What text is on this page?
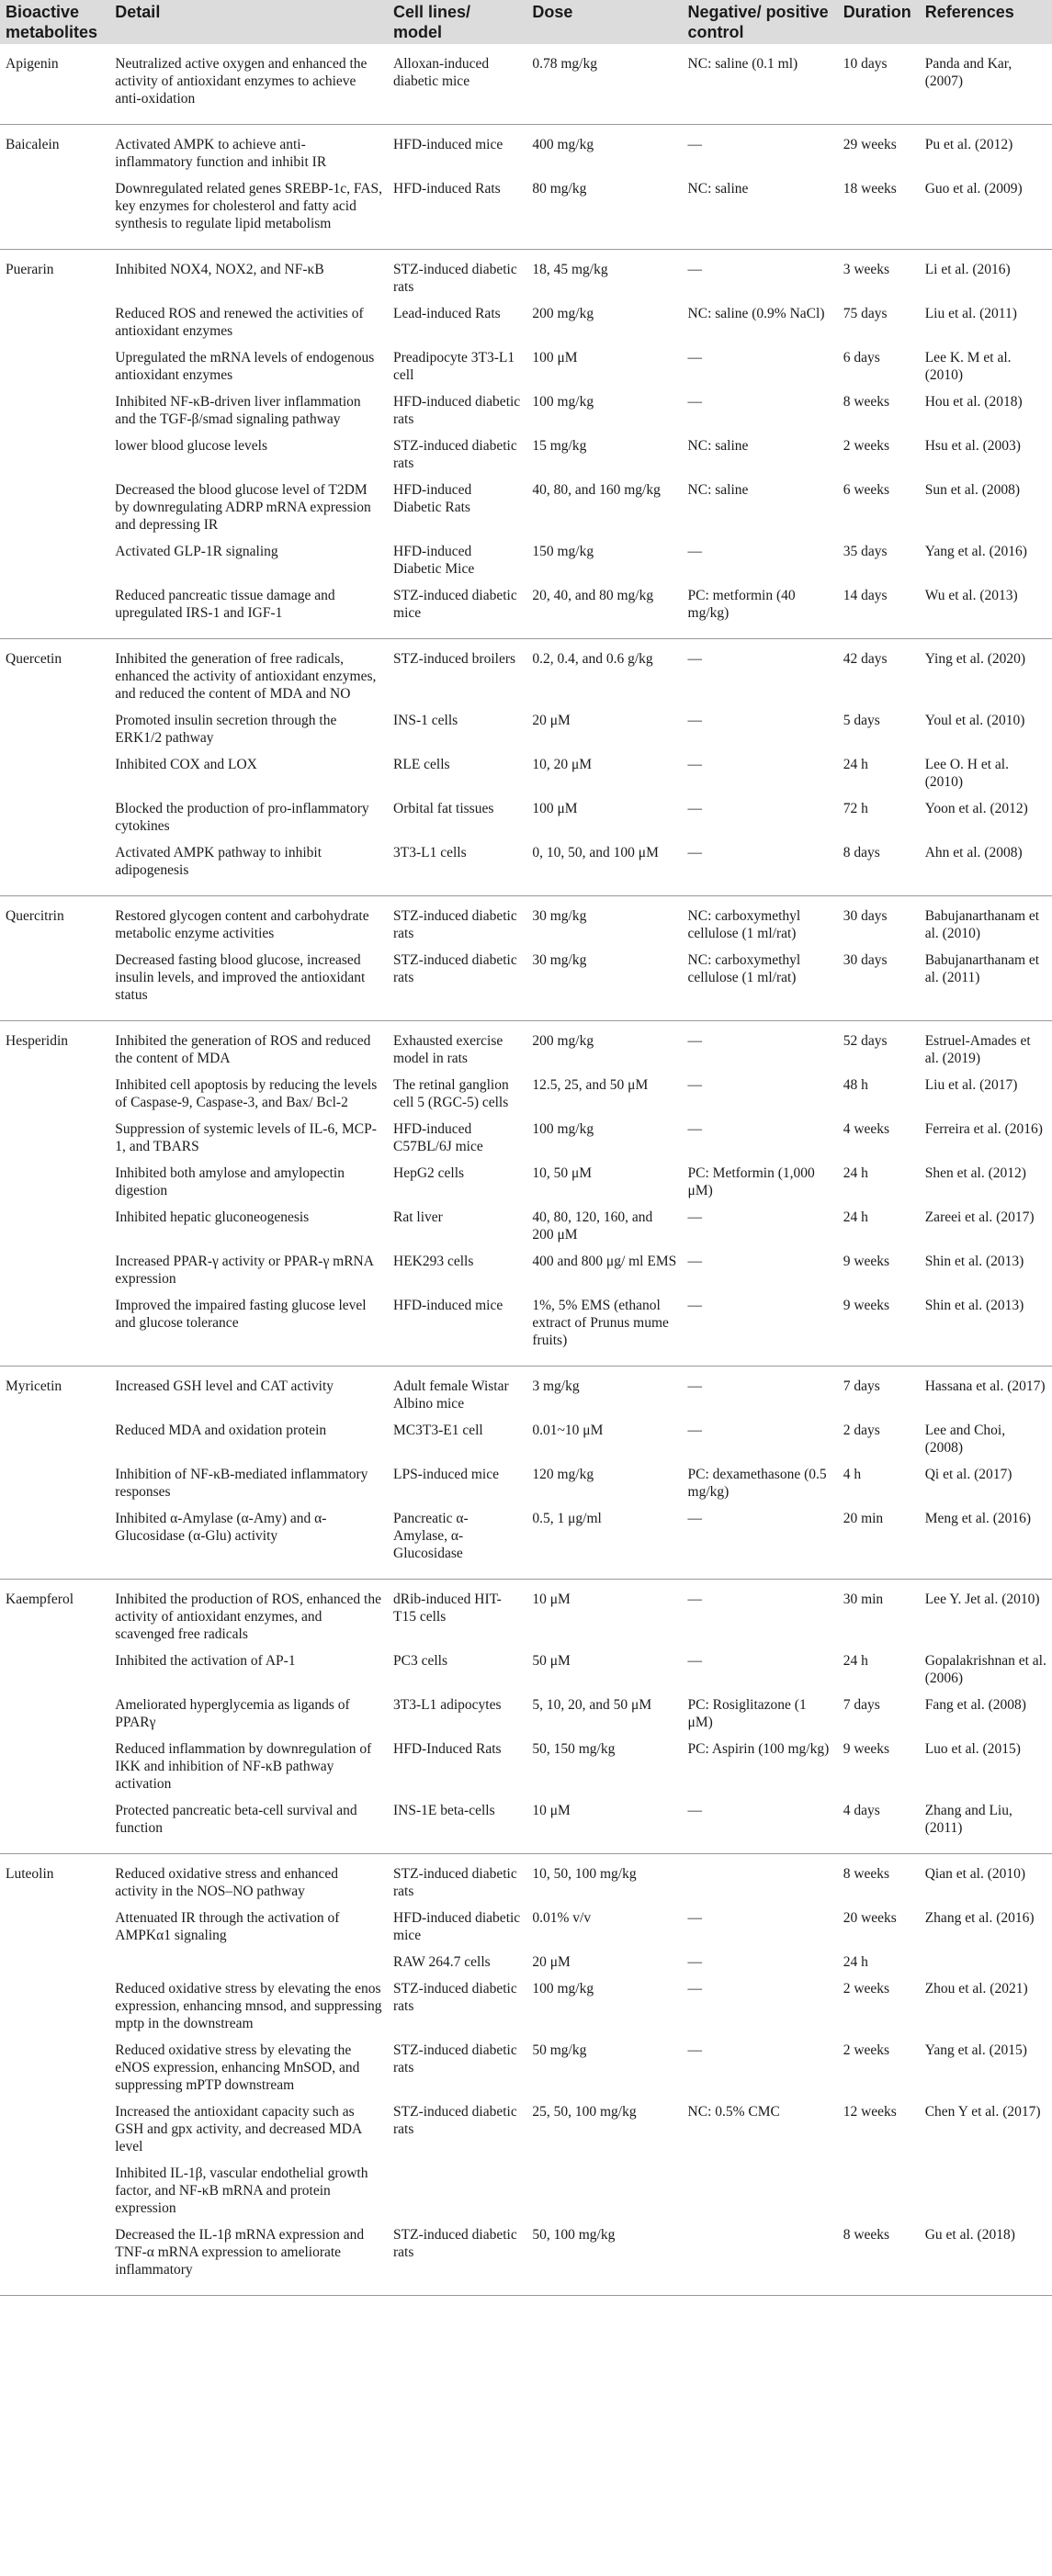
Bioactive metabolites	Detail	Cell lines/ model	Dose	Negative/ positive control	Duration	References
Apigenin	Neutralized active oxygen and enhanced the activity of antioxidant enzymes to achieve anti-oxidation	Alloxan-induced diabetic mice	0.78 mg/kg	NC: saline (0.1 ml)	10 days	Panda and Kar, (2007)
Baicalein	Activated AMPK to achieve anti-inflammatory function and inhibit IR	HFD-induced mice	400 mg/kg	—	29 weeks	Pu et al. (2012)
	Downregulated related genes SREBP-1c, FAS, key enzymes for cholesterol and fatty acid synthesis to regulate lipid metabolism	HFD-induced Rats	80 mg/kg	NC: saline	18 weeks	Guo et al. (2009)
Puerarin	Inhibited NOX4, NOX2, and NF-κB	STZ-induced diabetic rats	18, 45 mg/kg	—	3 weeks	Li et al. (2016)
	Reduced ROS and renewed the activities of antioxidant enzymes	Lead-induced Rats	200 mg/kg	NC: saline (0.9% NaCl)	75 days	Liu et al. (2011)
	Upregulated the mRNA levels of endogenous antioxidant enzymes	Preadipocyte 3T3-L1 cell	100 μM	—	6 days	Lee K. M et al. (2010)
	Inhibited NF-κB-driven liver inflammation and the TGF-β/smad signaling pathway	HFD-induced diabetic rats	100 mg/kg	—	8 weeks	Hou et al. (2018)
	lower blood glucose levels	STZ-induced diabetic rats	15 mg/kg	NC: saline	2 weeks	Hsu et al. (2003)
	Decreased the blood glucose level of T2DM by downregulating ADRP mRNA expression and depressing IR	HFD-induced Diabetic Rats	40, 80, and 160 mg/kg	NC: saline	6 weeks	Sun et al. (2008)
	Activated GLP-1R signaling	HFD-induced Diabetic Mice	150 mg/kg	—	35 days	Yang et al. (2016)
	Reduced pancreatic tissue damage and upregulated IRS-1 and IGF-1	STZ-induced diabetic mice	20, 40, and 80 mg/kg	PC: metformin (40 mg/kg)	14 days	Wu et al. (2013)
Quercetin	Inhibited the generation of free radicals, enhanced the activity of antioxidant enzymes, and reduced the content of MDA and NO	STZ-induced broilers	0.2, 0.4, and 0.6 g/kg	—	42 days	Ying et al. (2020)
	Promoted insulin secretion through the ERK1/2 pathway	INS-1 cells	20 μM	—	5 days	Youl et al. (2010)
	Inhibited COX and LOX	RLE cells	10, 20 μM	—	24 h	Lee O. H et al. (2010)
	Blocked the production of pro-inflammatory cytokines	Orbital fat tissues	100 μM	—	72 h	Yoon et al. (2012)
	Activated AMPK pathway to inhibit adipogenesis	3T3-L1 cells	0, 10, 50, and 100 μM	—	8 days	Ahn et al. (2008)
Quercitrin	Restored glycogen content and carbohydrate metabolic enzyme activities	STZ-induced diabetic rats	30 mg/kg	NC: carboxymethyl cellulose (1 ml/rat)	30 days	Babujanarthanam et al. (2010)
	Decreased fasting blood glucose, increased insulin levels, and improved the antioxidant status	STZ-induced diabetic rats	30 mg/kg	NC: carboxymethyl cellulose (1 ml/rat)	30 days	Babujanarthanam et al. (2011)
Hesperidin	Inhibited the generation of ROS and reduced the content of MDA	Exhausted exercise model in rats	200 mg/kg	—	52 days	Estruel-Amades et al. (2019)
	Inhibited cell apoptosis by reducing the levels of Caspase-9, Caspase-3, and Bax/ Bcl-2	The retinal ganglion cell 5 (RGC-5) cells	12.5, 25, and 50 μM	—	48 h	Liu et al. (2017)
	Suppression of systemic levels of IL-6, MCP-1, and TBARS	HFD-induced C57BL/6J mice	100 mg/kg	—	4 weeks	Ferreira et al. (2016)
	Inhibited both amylose and amylopectin digestion	HepG2 cells	10, 50 μM	PC: Metformin (1,000 μM)	24 h	Shen et al. (2012)
	Inhibited hepatic gluconeogenesis	Rat liver	40, 80, 120, 160, and 200 μM	—	24 h	Zareei et al. (2017)
	Increased PPAR-γ activity or PPAR-γ mRNA expression	HEK293 cells	400 and 800 μg/ ml EMS	—	9 weeks	Shin et al. (2013)
	Improved the impaired fasting glucose level and glucose tolerance	HFD-induced mice	1%, 5% EMS (ethanol extract of Prunus mume fruits)	—	9 weeks	Shin et al. (2013)
Myricetin	Increased GSH level and CAT activity	Adult female Wistar Albino mice	3 mg/kg	—	7 days	Hassana et al. (2017)
	Reduced MDA and oxidation protein	MC3T3-E1 cell	0.01~10 μM	—	2 days	Lee and Choi, (2008)
	Inhibition of NF-κB-mediated inflammatory responses	LPS-induced mice	120 mg/kg	PC: dexamethasone (0.5 mg/kg)	4 h	Qi et al. (2017)
	Inhibited α-Amylase (α-Amy) and α-Glucosidase (α-Glu) activity	Pancreatic α-Amylase, α-Glucosidase	0.5, 1 μg/ml	—	20 min	Meng et al. (2016)
Kaempferol	Inhibited the production of ROS, enhanced the activity of antioxidant enzymes, and scavenged free radicals	dRib-induced HIT-T15 cells	10 μM	—	30 min	Lee Y. Jet al. (2010)
	Inhibited the activation of AP-1	PC3 cells	50 μM	—	24 h	Gopalakrishnan et al. (2006)
	Ameliorated hyperglycemia as ligands of PPARγ	3T3-L1 adipocytes	5, 10, 20, and 50 μM	PC: Rosiglitazone (1 μM)	7 days	Fang et al. (2008)
	Reduced inflammation by downregulation of IKK and inhibition of NF-κB pathway activation	HFD-Induced Rats	50, 150 mg/kg	PC: Aspirin (100 mg/kg)	9 weeks	Luo et al. (2015)
	Protected pancreatic beta-cell survival and function	INS-1E beta-cells	10 μM	—	4 days	Zhang and Liu, (2011)
Luteolin	Reduced oxidative stress and enhanced activity in the NOS–NO pathway	STZ-induced diabetic rats	10, 50, 100 mg/kg		8 weeks	Qian et al. (2010)
	Attenuated IR through the activation of AMPKα1 signaling	HFD-induced diabetic mice	0.01% v/v	—	20 weeks	Zhang et al. (2016)
		RAW 264.7 cells	20 μM	—	24 h	
	Reduced oxidative stress by elevating the enos expression, enhancing mnsod, and suppressing mptp in the downstream	STZ-induced diabetic rats	100 mg/kg	—	2 weeks	Zhou et al. (2021)
	Reduced oxidative stress by elevating the eNOS expression, enhancing MnSOD, and suppressing mPTP downstream	STZ-induced diabetic rats	50 mg/kg	—	2 weeks	Yang et al. (2015)
	Increased the antioxidant capacity such as GSH and gpx activity, and decreased MDA level	STZ-induced diabetic rats	25, 50, 100 mg/kg	NC: 0.5% CMC	12 weeks	Chen Y et al. (2017)
	Inhibited IL-1β, vascular endothelial growth factor, and NF-κB mRNA and protein expression					
	Decreased the IL-1β mRNA expression and TNF-α mRNA expression to ameliorate inflammatory	STZ-induced diabetic rats	50, 100 mg/kg		8 weeks	Gu et al. (2018)
